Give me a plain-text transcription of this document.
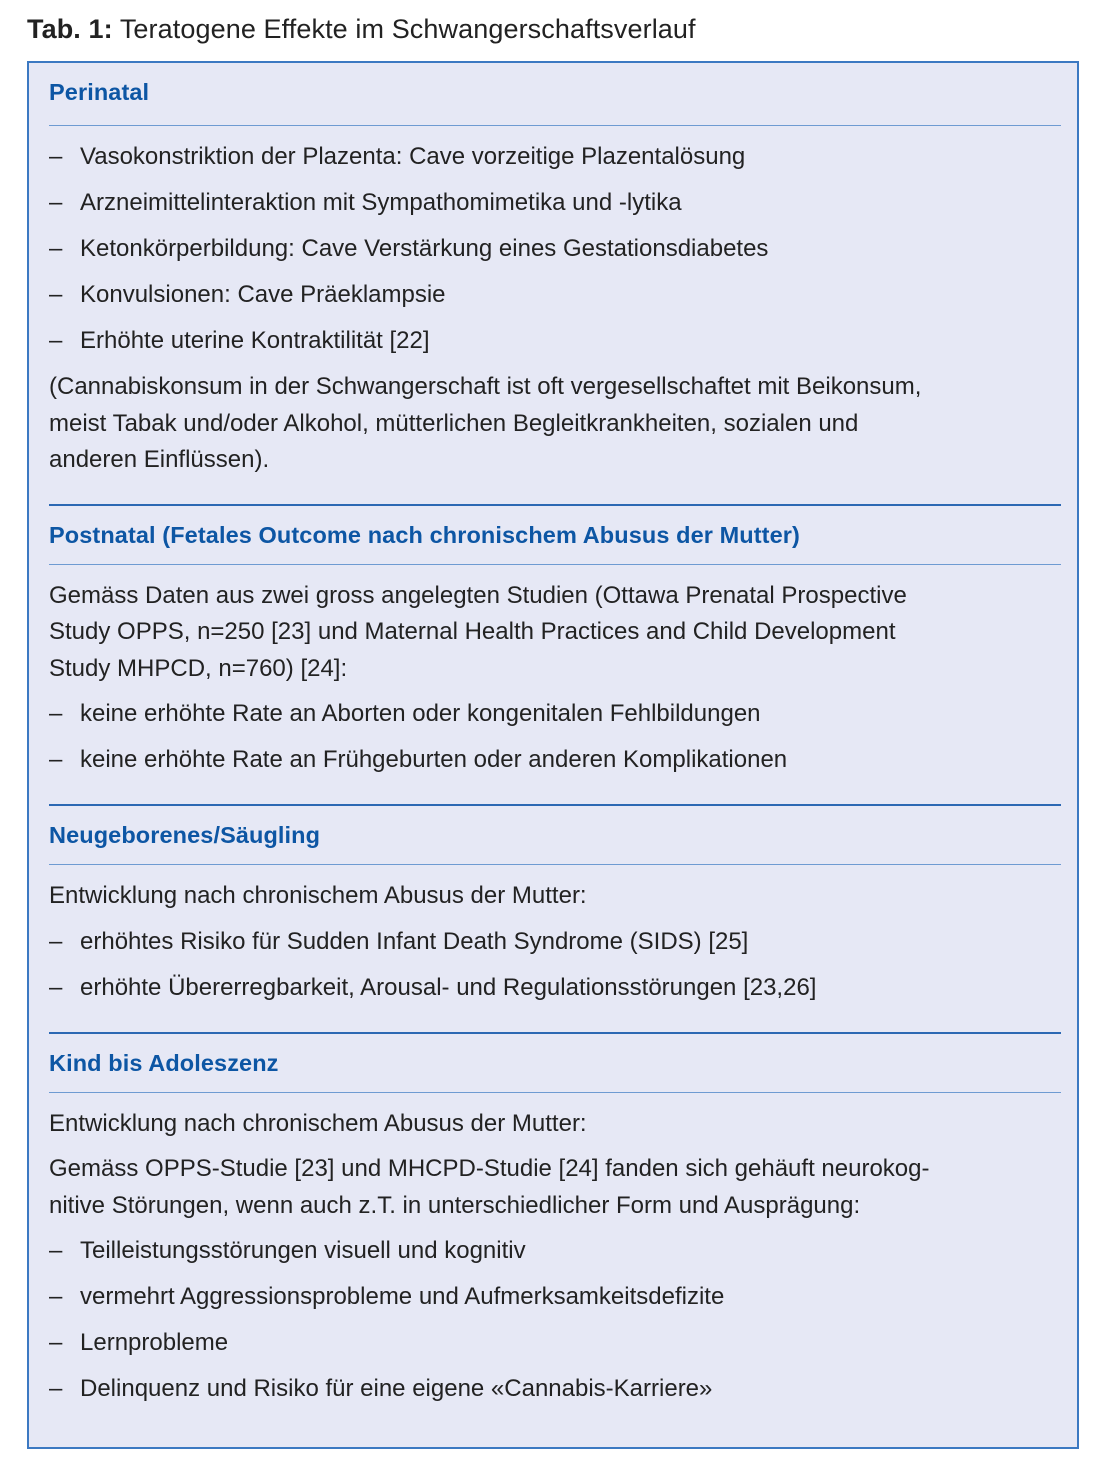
Tab. 1: Teratogene Effekte im Schwangerschaftsverlauf
Perinatal
– Vasokonstriktion der Plazenta: Cave vorzeitige Plazentalösung
– Arzneimittelinteraktion mit Sympathomimetika und -lytika
– Ketonkörperbildung: Cave Verstärkung eines Gestationsdiabetes
– Konvulsionen: Cave Präeklampsie
– Erhöhte uterine Kontraktilität [22]
(Cannabiskonsum in der Schwangerschaft ist oft vergesellschaftet mit Beikonsum,
meist Tabak und/oder Alkohol, mütterlichen Begleitkrankheiten, sozialen und
anderen Einflüssen).
Postnatal (Fetales Outcome nach chronischem Abusus der Mutter)
Gemäss Daten aus zwei gross angelegten Studien (Ottawa Prenatal Prospective
Study OPPS, n=250 [23] und Maternal Health Practices and Child Development
Study MHPCD, n=760) [24]:
– keine erhöhte Rate an Aborten oder kongenitalen Fehlbildungen
– keine erhöhte Rate an Frühgeburten oder anderen Komplikationen
Neugeborenes/Säugling
Entwicklung nach chronischem Abusus der Mutter:
– erhöhtes Risiko für Sudden Infant Death Syndrome (SIDS) [25]
– erhöhte Übererregbarkeit, Arousal- und Regulationsstörungen [23,26]
Kind bis Adoleszenz
Entwicklung nach chronischem Abusus der Mutter:
Gemäss OPPS-Studie [23] und MHCPD-Studie [24] fanden sich gehäuft neurokog-
nitive Störungen, wenn auch z.T. in unterschiedlicher Form und Ausprägung:
– Teilleistungsstörungen visuell und kognitiv
– vermehrt Aggressionsprobleme und Aufmerksamkeitsdefizite
– Lernprobleme
– Delinquenz und Risiko für eine eigene «Cannabis-Karriere»
